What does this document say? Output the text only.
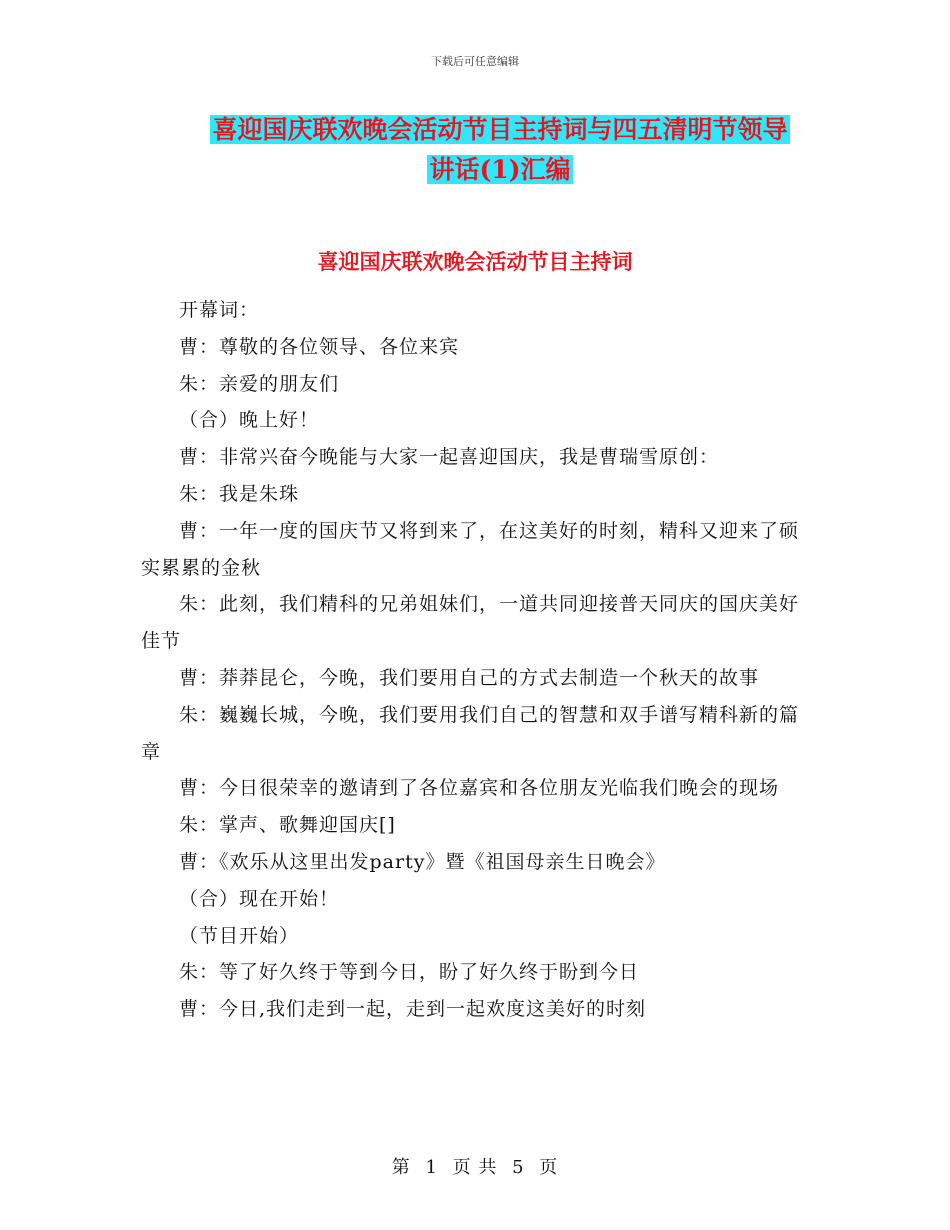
下载后可任意编辑
喜迎国庆联欢晚会活动节目主持词与四五清明节领导
讲话(1)汇编
喜迎国庆联欢晚会活动节目主持词

开幕词：

曹：尊敬的各位领导、各位来宾

朱：亲爱的朋友们

（合）晚上好！

曹：非常兴奋今晚能与大家一起喜迎国庆，我是曹瑞雪原创：

朱：我是朱珠

曹：一年一度的国庆节又将到来了，在这美好的时刻，精科又迎来了硕实累累的金秋

朱：此刻，我们精科的兄弟姐妹们，一道共同迎接普天同庆的国庆美好佳节

曹：莽莽昆仑，今晚，我们要用自己的方式去制造一个秋天的故事

朱：巍巍长城，今晚，我们要用我们自己的智慧和双手谱写精科新的篇章

曹：今日很荣幸的邀请到了各位嘉宾和各位朋友光临我们晚会的现场

朱：掌声、歌舞迎国庆[]

曹：《欢乐从这里出发party》暨《祖国母亲生日晚会》

（合）现在开始！

（节目开始）

朱：等了好久终于等到今日，盼了好久终于盼到今日

曹：今日,我们走到一起，走到一起欢度这美好的时刻

第 1 页 共 5 页
